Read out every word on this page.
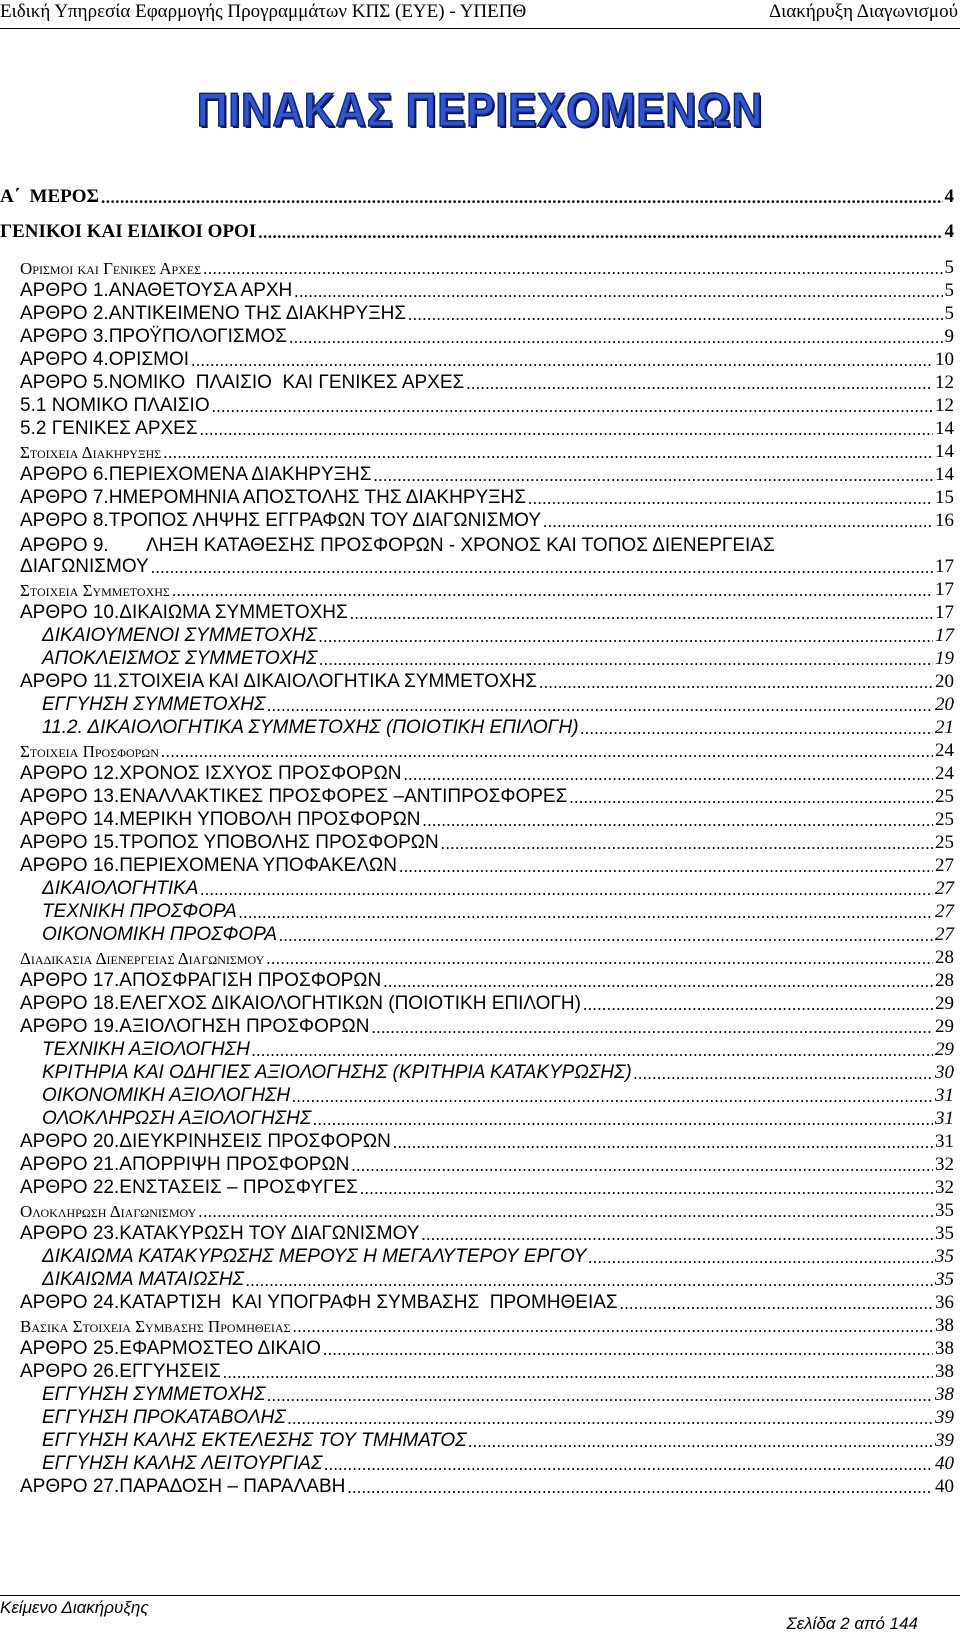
Ειδική Υπηρεσία Εφαρμογής Προγραμμάτων ΚΠΣ (ΕΥΕ) - ΥΠΕΠΘ	Διακήρυξη Διαγωνισμού
ΠΙΝΑΚΑΣ ΠΕΡΙΕΧΟΜΕΝΩΝ
Α΄  ΜΕΡΟΣ .....	4
ΓΕΝΙΚΟΙ ΚΑΙ ΕΙΔΙΚΟΙ ΟΡΟΙ .....	4
Ορισμοι και Γενικες Αρχες .....	5
ΑΡΘΡΟ 1. ΑΝΑΘΕΤΟΥΣΑ ΑΡΧΗ .....	5
ΑΡΘΡΟ 2. ΑΝΤΙΚΕΙΜΕΝΟ ΤΗΣ ΔΙΑΚΗΡΥΞΗΣ .....	5
ΑΡΘΡΟ 3. ΠΡΟΫΠΟΛΟΓΙΣΜΟΣ .....	9
ΑΡΘΡΟ 4. ΟΡΙΣΜΟΙ .....	10
ΑΡΘΡΟ 5. ΝΟΜΙΚΟ  ΠΛΑΙΣΙΟ  ΚΑΙ ΓΕΝΙΚΕΣ ΑΡΧΕΣ .....	12
5.1 ΝΟΜΙΚΟ ΠΛΑΙΣΙΟ .....	12
5.2 ΓΕΝΙΚΕΣ ΑΡΧΕΣ .....	14
Στοιχεια Διακηρυξης .....	14
ΑΡΘΡΟ 6. ΠΕΡΙΕΧΟΜΕΝΑ ΔΙΑΚΗΡΥΞΗΣ .....	14
ΑΡΘΡΟ 7. ΗΜΕΡΟΜΗΝΙΑ ΑΠΟΣΤΟΛΗΣ ΤΗΣ ΔΙΑΚΗΡΥΞΗΣ .....	15
ΑΡΘΡΟ 8. ΤΡΟΠΟΣ ΛΗΨΗΣ ΕΓΓΡΑΦΩΝ ΤΟΥ ΔΙΑΓΩΝΙΣΜΟΥ .....	16
ΑΡΘΡΟ 9. ΛΗΞΗ ΚΑΤΑΘΕΣΗΣ ΠΡΟΣΦΟΡΩΝ - ΧΡΟΝΟΣ ΚΑΙ ΤΟΠΟΣ ΔΙΕΝΕΡΓΕΙΑΣ
ΔΙΑΓΩΝΙΣΜΟΥ .....	17
Στοιχεια Συμμετοχης .....	17
ΑΡΘΡΟ 10. ΔΙΚΑΙΩΜΑ ΣΥΜΜΕΤΟΧΗΣ .....	17
ΔΙΚΑΙΟΥΜΕΝΟΙ ΣΥΜΜΕΤΟΧΗΣ .....	17
ΑΠΟΚΛΕΙΣΜΟΣ ΣΥΜΜΕΤΟΧΗΣ .....	19
ΑΡΘΡΟ 11. ΣΤΟΙΧΕΙΑ ΚΑΙ ΔΙΚΑΙΟΛΟΓΗΤΙΚΑ ΣΥΜΜΕΤΟΧΗΣ .....	20
ΕΓΓΥΗΣΗ ΣΥΜΜΕΤΟΧΗΣ .....	20
11.2. ΔΙΚΑΙΟΛΟΓΗΤΙΚΑ ΣΥΜΜΕΤΟΧΗΣ (ΠΟΙΟΤΙΚΗ ΕΠΙΛΟΓΗ) .....	21
Στοιχεια Προσφορων .....	24
ΑΡΘΡΟ 12. ΧΡΟΝΟΣ ΙΣΧΥΟΣ ΠΡΟΣΦΟΡΩΝ .....	24
ΑΡΘΡΟ 13. ΕΝΑΛΛΑΚΤΙΚΕΣ ΠΡΟΣΦΟΡΕΣ –ΑΝΤΙΠΡΟΣΦΟΡΕΣ .....	25
ΑΡΘΡΟ 14. ΜΕΡΙΚΗ ΥΠΟΒΟΛΗ ΠΡΟΣΦΟΡΩΝ .....	25
ΑΡΘΡΟ 15. ΤΡΟΠΟΣ ΥΠΟΒΟΛΗΣ ΠΡΟΣΦΟΡΩΝ .....	25
ΑΡΘΡΟ 16. ΠΕΡΙΕΧΟΜΕΝΑ ΥΠΟΦΑΚΕΛΩΝ .....	27
ΔΙΚΑΙΟΛΟΓΗΤΙΚΑ .....	27
ΤΕΧΝΙΚΗ ΠΡΟΣΦΟΡΑ .....	27
ΟΙΚΟΝΟΜΙΚΗ ΠΡΟΣΦΟΡΑ .....	27
Διαδικασια Διενεργειας Διαγωνισμου .....	28
ΑΡΘΡΟ 17. ΑΠΟΣΦΡΑΓΙΣΗ ΠΡΟΣΦΟΡΩΝ .....	28
ΑΡΘΡΟ 18. ΕΛΕΓΧΟΣ ΔΙΚΑΙΟΛΟΓΗΤΙΚΩΝ (ΠΟΙΟΤΙΚΗ ΕΠΙΛΟΓΗ) .....	29
ΑΡΘΡΟ 19. ΑΞΙΟΛΟΓΗΣΗ ΠΡΟΣΦΟΡΩΝ .....	29
ΤΕΧΝΙΚΗ ΑΞΙΟΛΟΓΗΣΗ .....	29
ΚΡΙΤΗΡΙΑ ΚΑΙ ΟΔΗΓΙΕΣ ΑΞΙΟΛΟΓΗΣΗΣ (ΚΡΙΤΗΡΙΑ ΚΑΤΑΚΥΡΩΣΗΣ) .....	30
ΟΙΚΟΝΟΜΙΚΗ ΑΞΙΟΛΟΓΗΣΗ .....	31
ΟΛΟΚΛΗΡΩΣΗ ΑΞΙΟΛΟΓΗΣΗΣ .....	31
ΑΡΘΡΟ 20. ΔΙΕΥΚΡΙΝΗΣΕΙΣ ΠΡΟΣΦΟΡΩΝ .....	31
ΑΡΘΡΟ 21. ΑΠΟΡΡΙΨΗ ΠΡΟΣΦΟΡΩΝ .....	32
ΑΡΘΡΟ 22. ΕΝΣΤΑΣΕΙΣ – ΠΡΟΣΦΥΓΕΣ .....	32
Ολοκληρωση Διαγωνισμου .....	35
ΑΡΘΡΟ 23. ΚΑΤΑΚΥΡΩΣΗ ΤΟΥ ΔΙΑΓΩΝΙΣΜΟΥ .....	35
ΔΙΚΑΙΩΜΑ ΚΑΤΑΚΥΡΩΣΗΣ ΜΕΡΟΥΣ Η ΜΕΓΑΛΥΤΕΡΟΥ ΕΡΓΟΥ .....	35
ΔΙΚΑΙΩΜΑ ΜΑΤΑΙΩΣΗΣ .....	35
ΑΡΘΡΟ 24. ΚΑΤΑΡΤΙΣΗ  ΚΑΙ ΥΠΟΓΡΑΦΗ ΣΥΜΒΑΣΗΣ  ΠΡΟΜΗΘΕΙΑΣ .....	36
Βασικα Στοιχεια Συμβασης Προμηθειας .....	38
ΑΡΘΡΟ 25. ΕΦΑΡΜΟΣΤΕΟ ΔΙΚΑΙΟ .....	38
ΑΡΘΡΟ 26. ΕΓΓΥΗΣΕΙΣ .....	38
ΕΓΓΥΗΣΗ ΣΥΜΜΕΤΟΧΗΣ .....	38
ΕΓΓΥΗΣΗ ΠΡΟΚΑΤΑΒΟΛΗΣ .....	39
ΕΓΓΥΗΣΗ ΚΑΛΗΣ ΕΚΤΕΛΕΣΗΣ ΤΟΥ ΤΜΗΜΑΤΟΣ .....	39
ΕΓΓΥΗΣΗ ΚΑΛΗΣ ΛΕΙΤΟΥΡΓΙΑΣ .....	40
ΑΡΘΡΟ 27. ΠΑΡΑΔΟΣΗ – ΠΑΡΑΛΑΒΗ .....	40
Κείμενο Διακήρυξης
Σελίδα 2 από 144
